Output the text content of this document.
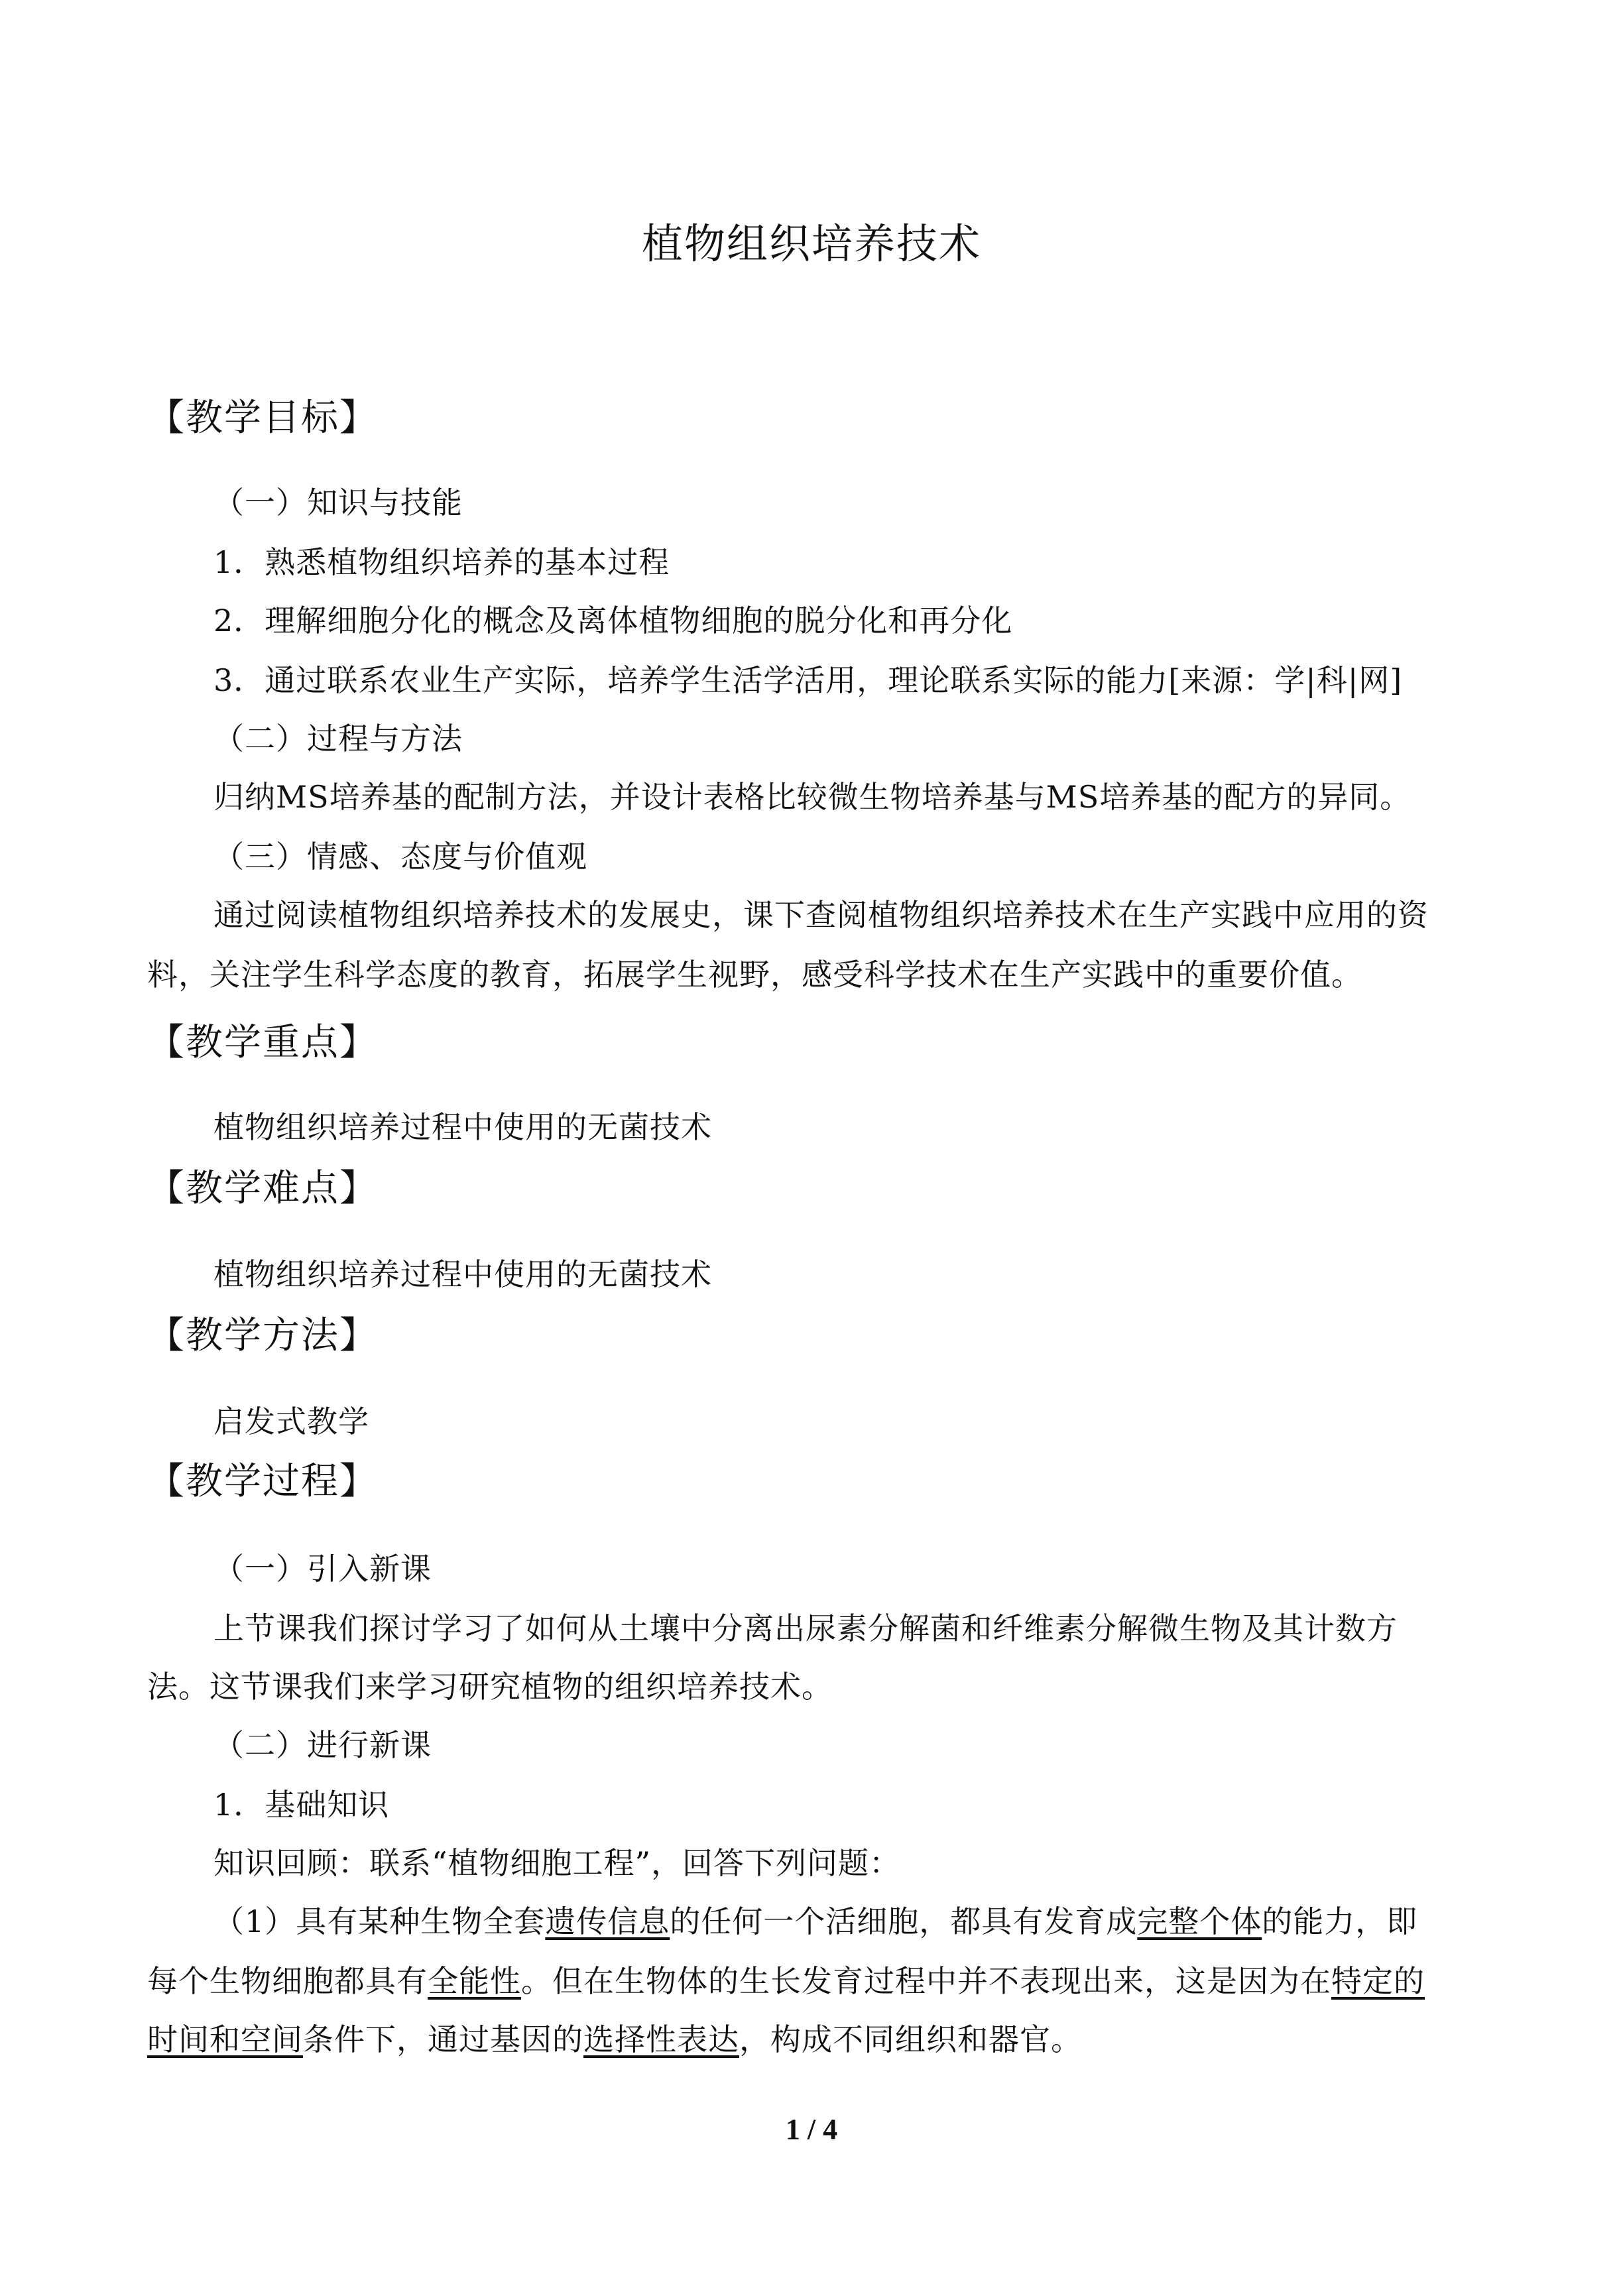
植物组织培养技术
【教学目标】
（一）知识与技能
1．熟悉植物组织培养的基本过程
2．理解细胞分化的概念及离体植物细胞的脱分化和再分化
3．通过联系农业生产实际，培养学生活学活用，理论联系实际的能力[来源：学|科|网]
（二）过程与方法
归纳MS培养基的配制方法，并设计表格比较微生物培养基与MS培养基的配方的异同。
（三）情感、态度与价值观
通过阅读植物组织培养技术的发展史，课下查阅植物组织培养技术在生产实践中应用的资
料，关注学生科学态度的教育，拓展学生视野，感受科学技术在生产实践中的重要价值。
【教学重点】
植物组织培养过程中使用的无菌技术
【教学难点】
植物组织培养过程中使用的无菌技术
【教学方法】
启发式教学
【教学过程】
（一）引入新课
上节课我们探讨学习了如何从土壤中分离出尿素分解菌和纤维素分解微生物及其计数方
法。这节课我们来学习研究植物的组织培养技术。
（二）进行新课
1．基础知识
知识回顾：联系“植物细胞工程”，回答下列问题：
（1）具有某种生物全套遗传信息的任何一个活细胞，都具有发育成完整个体的能力，即
每个生物细胞都具有全能性。但在生物体的生长发育过程中并不表现出来，这是因为在特定的
时间和空间条件下，通过基因的选择性表达，构成不同组织和器官。
1 / 4
